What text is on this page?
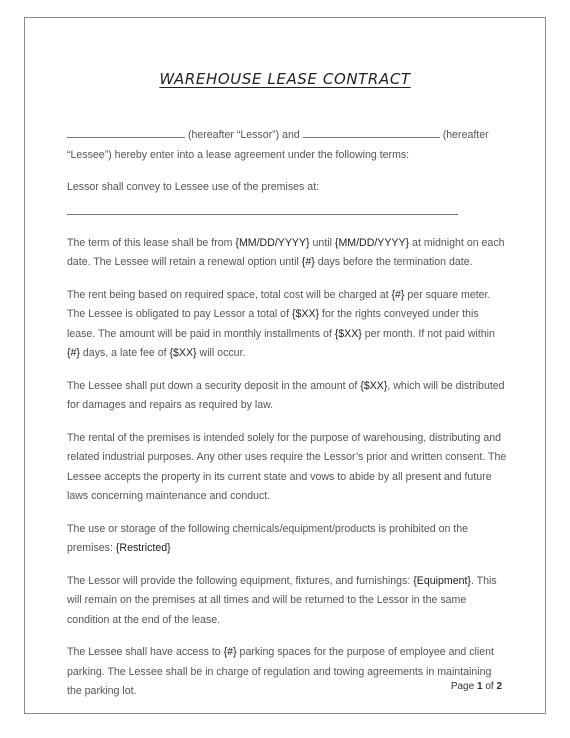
WAREHOUSE LEASE CONTRACT

(hereafter “Lessor”) and	(hereafter “Lessee”) hereby enter into a lease agreement under the following terms:

Lessor shall convey to Lessee use of the premises at:

The term of this lease shall be from {MM/DD/YYYY} until {MM/DD/YYYY} at midnight on each date. The Lessee will retain a renewal option until {#} days before the termination date.

The rent being based on required space, total cost will be charged at {#} per square meter. The Lessee is obligated to pay Lessor a total of {$XX} for the rights conveyed under this lease. The amount will be paid in monthly installments of {$XX} per month. If not paid within {#} days, a late fee of {$XX} will occur.

The Lessee shall put down a security deposit in the amount of {$XX}, which will be distributed for damages and repairs as required by law.

The rental of the premises is intended solely for the purpose of warehousing, distributing and related industrial purposes. Any other uses require the Lessor’s prior and written consent. The Lessee accepts the property in its current state and vows to abide by all present and future laws concerning maintenance and conduct.

The use or storage of the following chemicals/equipment/products is prohibited on the premises: {Restricted}

The Lessor will provide the following equipment, fixtures, and furnishings: {Equipment}. This will remain on the premises at all times and will be returned to the Lessor in the same condition at the end of the lease.

The Lessee shall have access to {#} parking spaces for the purpose of employee and client parking. The Lessee shall be in charge of regulation and towing agreements in maintaining the parking lot.	Page 1 of 2
